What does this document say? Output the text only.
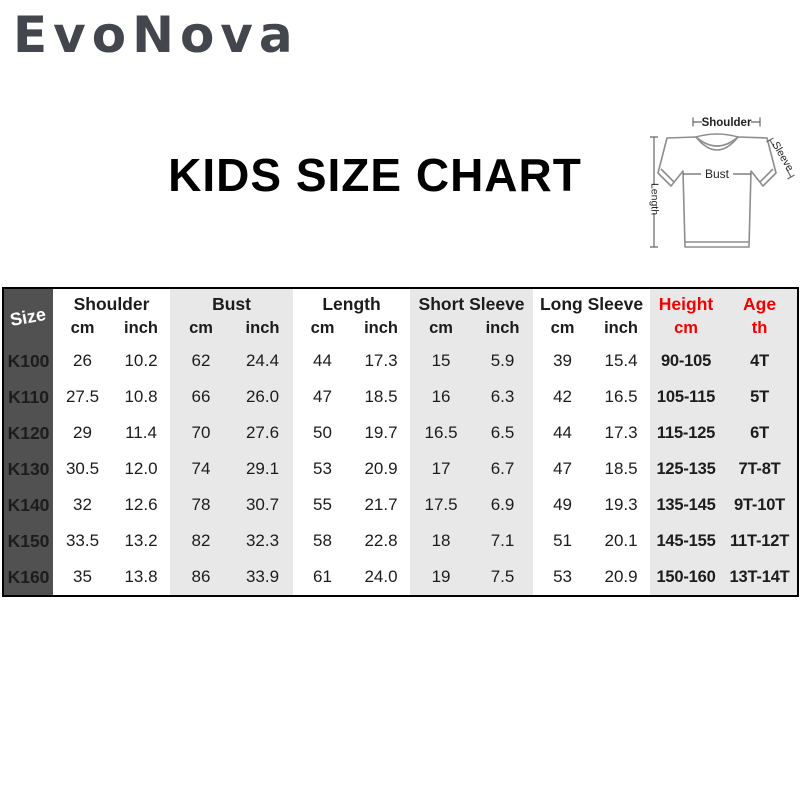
EvoNova
KIDS SIZE CHART
Shoulder
Bust
Length
Sleeve
Size	Shoulder		Bust		Length		Short Sleeve		Long Sleeve		Height	Age
	cm	inch	cm	inch	cm	inch	cm	inch	cm	inch	cm	th
K100	26	10.2	62	24.4	44	17.3	15	5.9	39	15.4	90-105	4T
K110	27.5	10.8	66	26.0	47	18.5	16	6.3	42	16.5	105-115	5T
K120	29	11.4	70	27.6	50	19.7	16.5	6.5	44	17.3	115-125	6T
K130	30.5	12.0	74	29.1	53	20.9	17	6.7	47	18.5	125-135	7T-8T
K140	32	12.6	78	30.7	55	21.7	17.5	6.9	49	19.3	135-145	9T-10T
K150	33.5	13.2	82	32.3	58	22.8	18	7.1	51	20.1	145-155	11T-12T
K160	35	13.8	86	33.9	61	24.0	19	7.5	53	20.9	150-160	13T-14T
